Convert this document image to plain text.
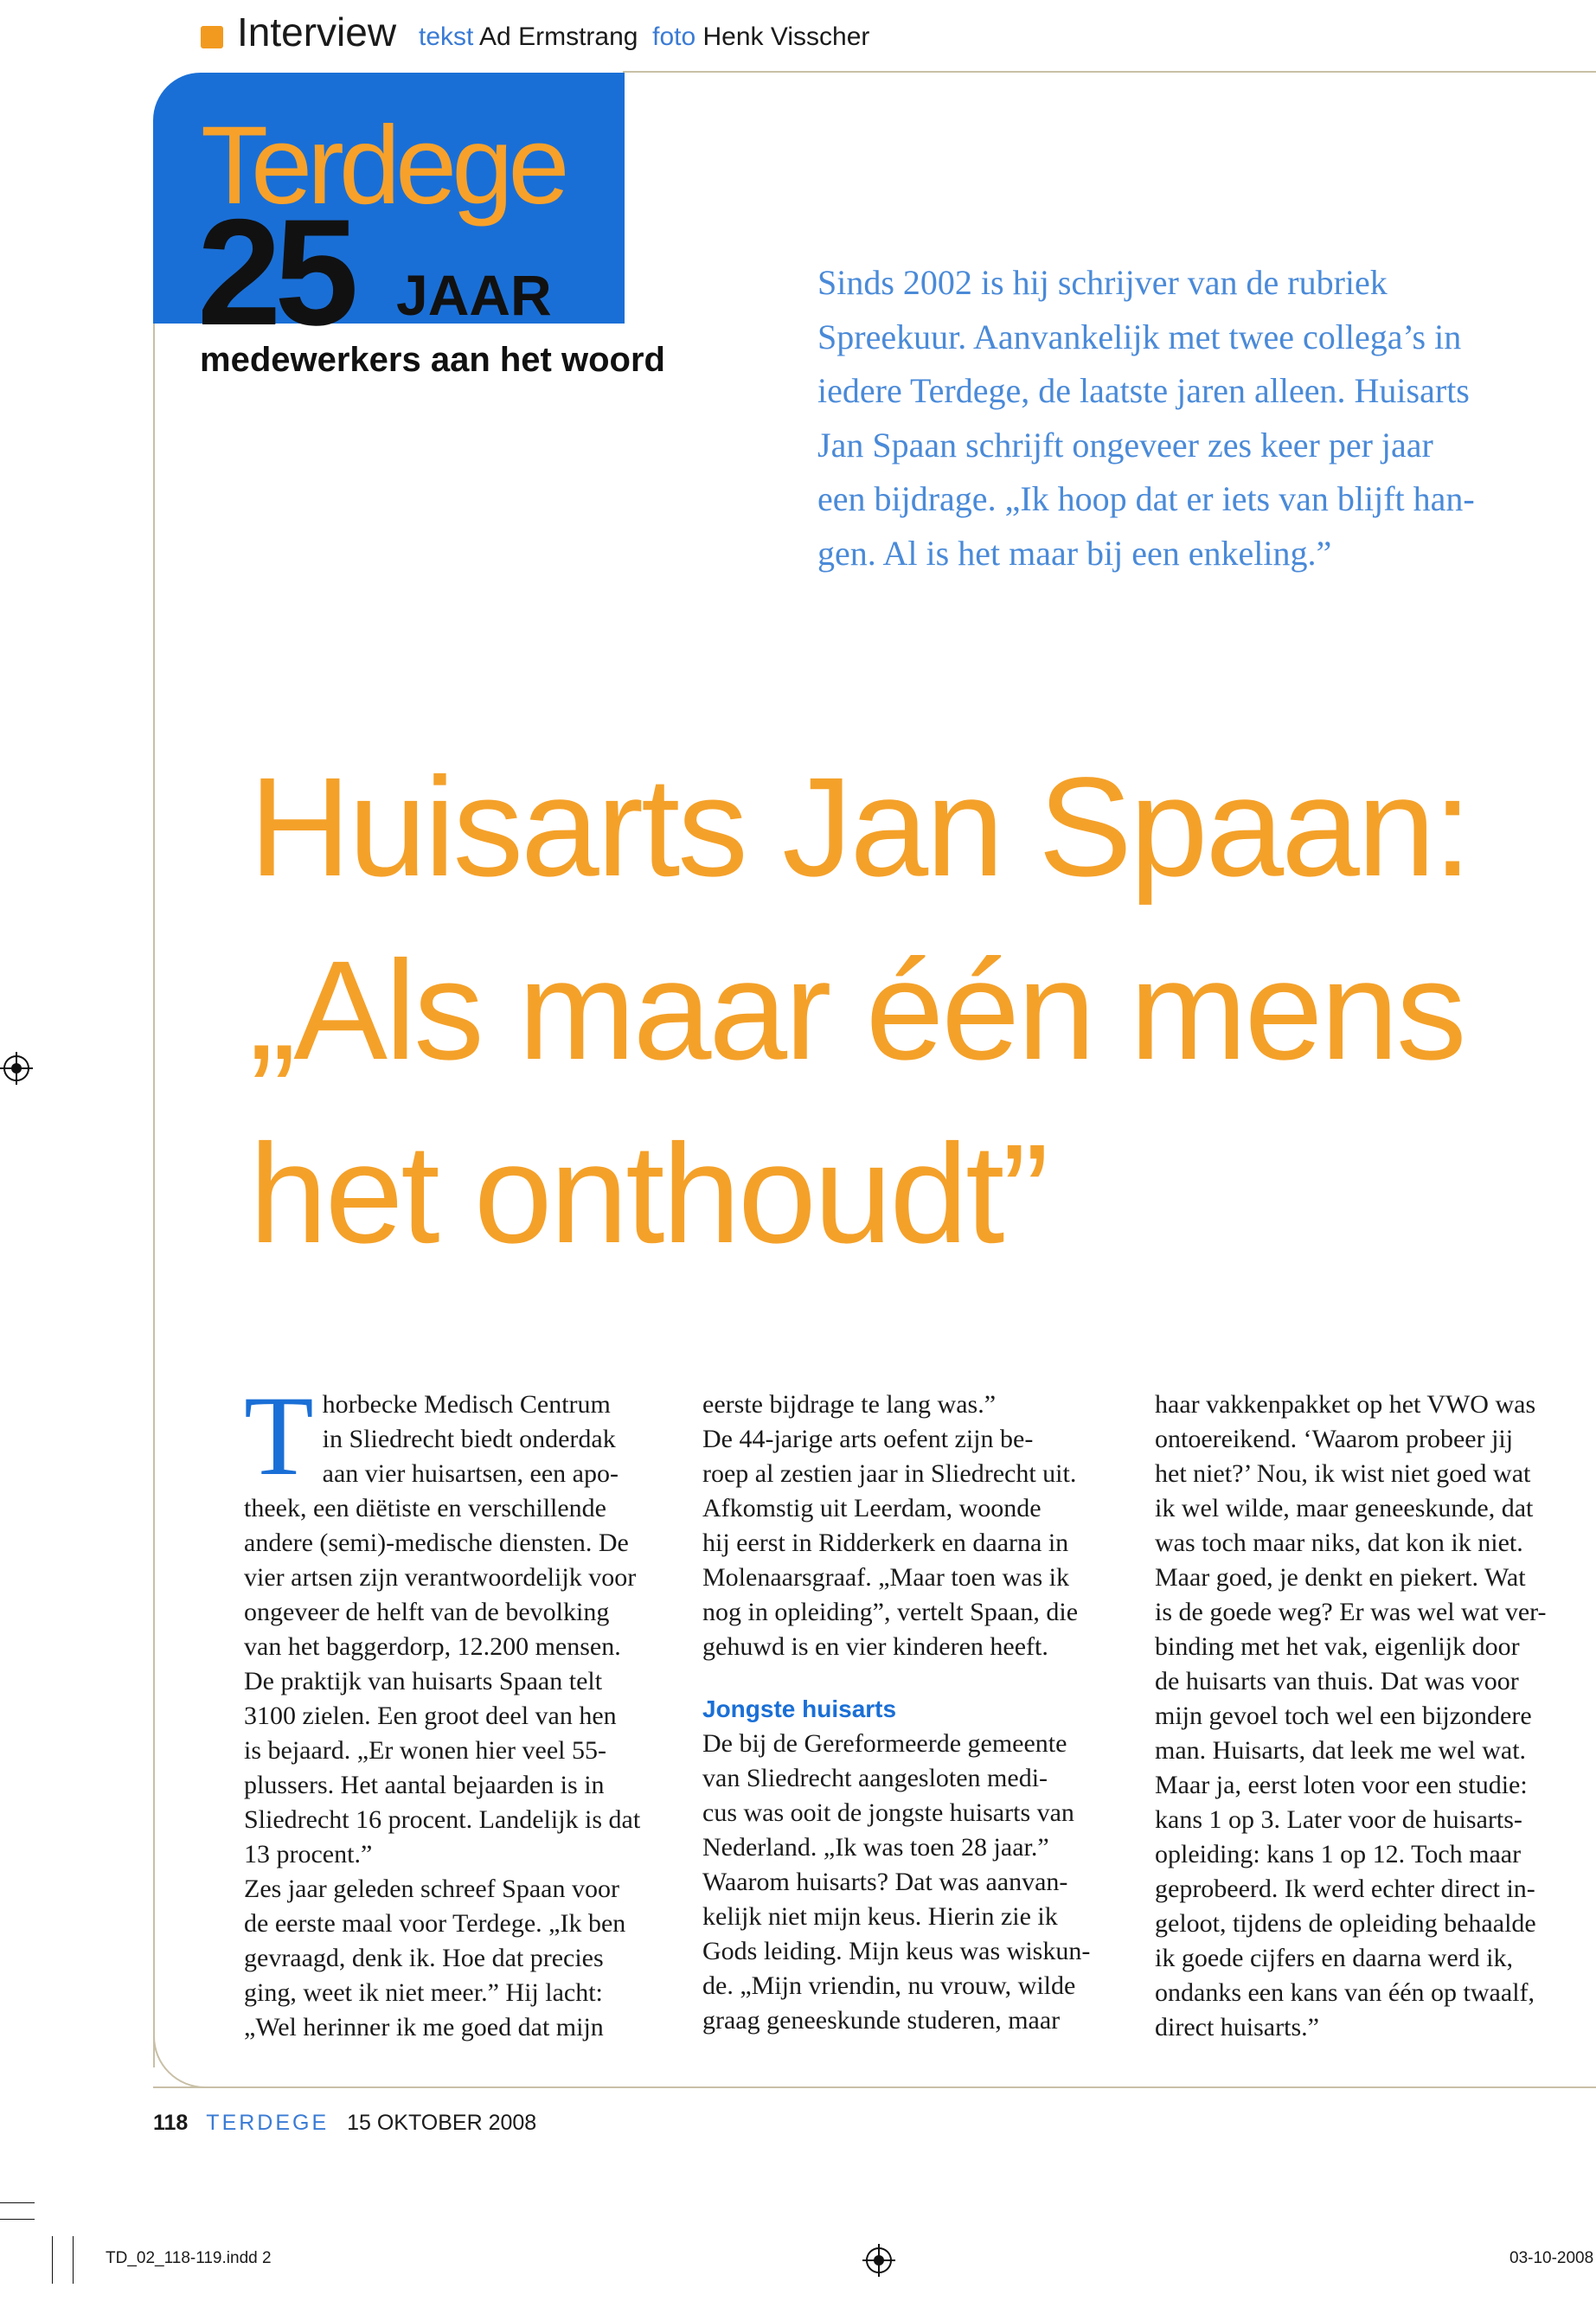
Interview tekst Ad Ermstrang foto Henk Visscher
Terdege
25 JAAR
medewerkers aan het woord
Sinds 2002 is hij schrijver van de rubriek
Spreekuur. Aanvankelijk met twee collega’s in
iedere Terdege, de laatste jaren alleen. Huisarts
Jan Spaan schrijft ongeveer zes keer per jaar
een bijdrage. „Ik hoop dat er iets van blijft han-
gen. Al is het maar bij een enkeling.”
Huisarts Jan Spaan:
„Als maar één mens
het onthoudt”
T horbecke Medisch Centrum
in Sliedrecht biedt onderdak
aan vier huisartsen, een apo-
theek, een diëtiste en verschillende
andere (semi)-medische diensten. De
vier artsen zijn verantwoordelijk voor
ongeveer de helft van de bevolking
van het baggerdorp, 12.200 mensen.
De praktijk van huisarts Spaan telt
3100 zielen. Een groot deel van hen
is bejaard. „Er wonen hier veel 55-
plussers. Het aantal bejaarden is in
Sliedrecht 16 procent. Landelijk is dat
13 procent.”
Zes jaar geleden schreef Spaan voor
de eerste maal voor Terdege. „Ik ben
gevraagd, denk ik. Hoe dat precies
ging, weet ik niet meer.” Hij lacht:
„Wel herinner ik me goed dat mijn
eerste bijdrage te lang was.”
De 44-jarige arts oefent zijn be-
roep al zestien jaar in Sliedrecht uit.
Afkomstig uit Leerdam, woonde
hij eerst in Ridderkerk en daarna in
Molenaarsgraaf. „Maar toen was ik
nog in opleiding”, vertelt Spaan, die
gehuwd is en vier kinderen heeft.
Jongste huisarts
De bij de Gereformeerde gemeente
van Sliedrecht aangesloten medi-
cus was ooit de jongste huisarts van
Nederland. „Ik was toen 28 jaar.”
Waarom huisarts? Dat was aanvan-
kelijk niet mijn keus. Hierin zie ik
Gods leiding. Mijn keus was wiskun-
de. „Mijn vriendin, nu vrouw, wilde
graag geneeskunde studeren, maar
haar vakkenpakket op het VWO was
ontoereikend. ‘Waarom probeer jij
het niet?’ Nou, ik wist niet goed wat
ik wel wilde, maar geneeskunde, dat
was toch maar niks, dat kon ik niet.
Maar goed, je denkt en piekert. Wat
is de goede weg? Er was wel wat ver-
binding met het vak, eigenlijk door
de huisarts van thuis. Dat was voor
mijn gevoel toch wel een bijzondere
man. Huisarts, dat leek me wel wat.
Maar ja, eerst loten voor een studie:
kans 1 op 3. Later voor de huisarts-
opleiding: kans 1 op 12. Toch maar
geprobeerd. Ik werd echter direct in-
geloot, tijdens de opleiding behaalde
ik goede cijfers en daarna werd ik,
ondanks een kans van één op twaalf,
direct huisarts.”
118 TERDEGE 15 OKTOBER 2008
TD_02_118-119.indd 2	03-10-2008
